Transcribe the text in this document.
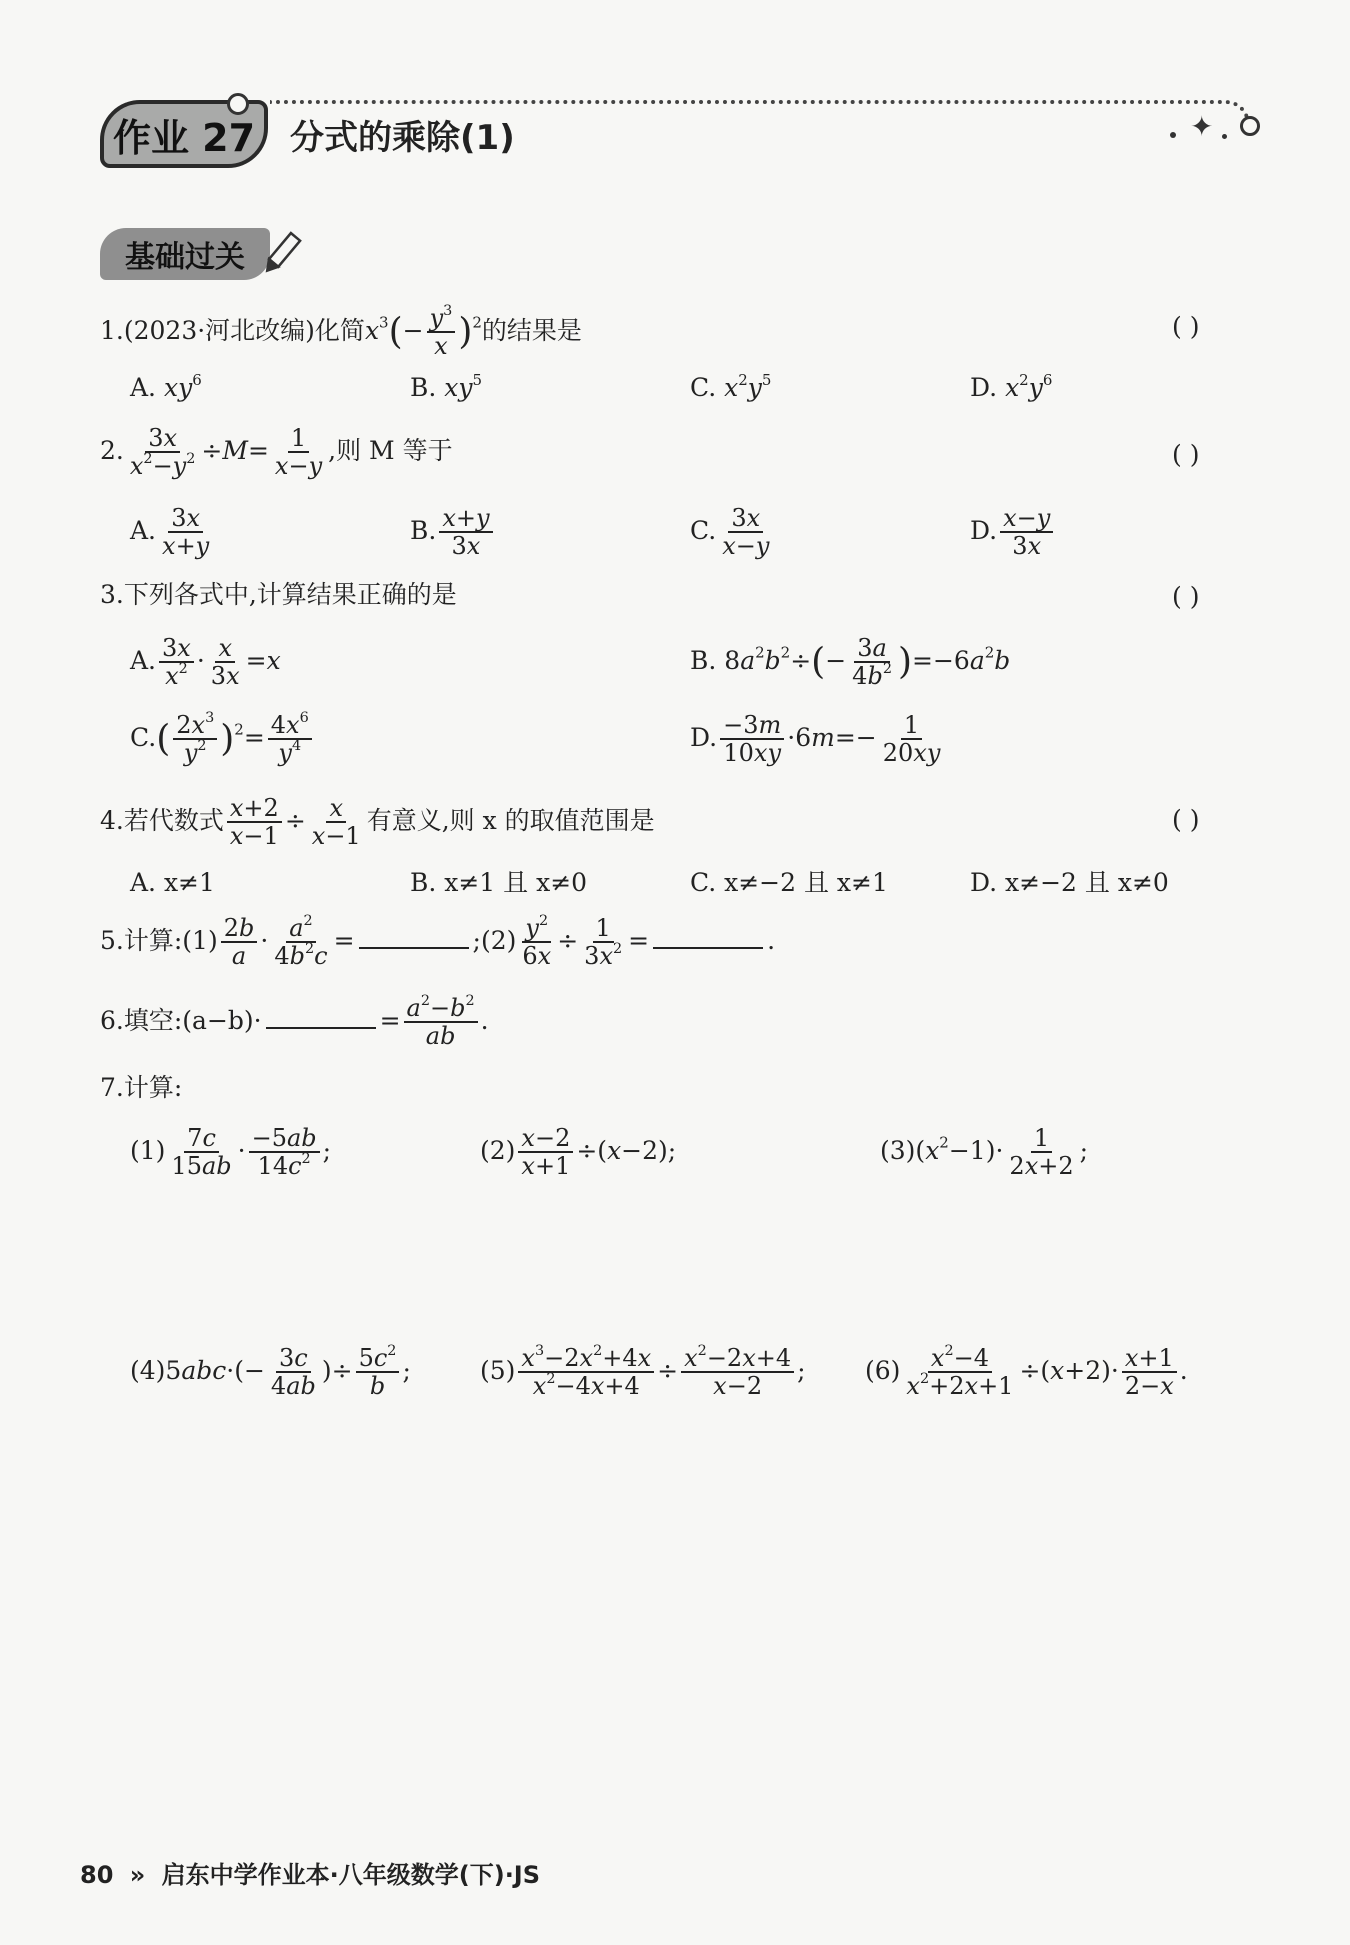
作业 27	分式的乘除(1)	✦
基础过关
1.(2023·河北改编)化简$x^3(- \frac{y^3}{x} )^2$的结果是	( )
A. $xy^6$	B. $xy^5$	C. $x^2y^5$	D. $x^2y^6$
2. $\frac{3x}{x^2-y^2} \div M= \frac{1}{x-y}$ ,则 M 等于	( )
A. $\frac{3x}{x+y}$	B. $\frac{x+y}{3x}$	C. $\frac{3x}{x-y}$	D. $\frac{x-y}{3x}$
3.下列各式中,计算结果正确的是	( )
A. $\frac{3x}{x^2} \cdot \frac{x}{3x} =x$	B. $8a^2b^2\div(- \frac{3a}{4b^2} )=-6a^2b$
$C.( \frac{2x^3}{y^2} )^2= \frac{4x^6}{y^4}$	D. $\frac{-3m}{10xy} \cdot 6m=- \frac{1}{20xy}$
4.若代数式 $\frac{x+2}{x-1} \div \frac{x}{x-1}$ 有意义,则 x 的取值范围是	( )
A. x≠1	B. x≠1 且 x≠0	C. x≠−2 且 x≠1	D. x≠−2 且 x≠0
5.计算:(1) $\frac{2b}{a} \cdot \frac{a^2}{4b^2c}$ =	;(2) $\frac{y^2}{6x} \div \frac{1}{3x^2}$ =	.
6.填空:(a−b)·	= $\frac{a^2-b^2}{ab}$ .
7.计算:
$(1) \frac{7c}{15ab} \cdot \frac{-5ab}{14c^2}$ ;	$(2) \frac{x-2}{x+1} \div(x-2)$;	$(3)(x^2-1)\cdot \frac{1}{2x+2}$ ;
$(4)5abc\cdot(- \frac{3c}{4ab}$ )÷ $\frac{5c^2}{b}$ ;	$(5) \frac{x^3-2x^2+4x}{x^2-4x+4} \div \frac{x^2-2x+4}{x-2}$ ; $(6) \frac{x^2-4}{x^2+2x+1} \div(x+2)\cdot \frac{x+1}{2-x}$ .
80 » 启东中学作业本·八年级数学(下)·JS
